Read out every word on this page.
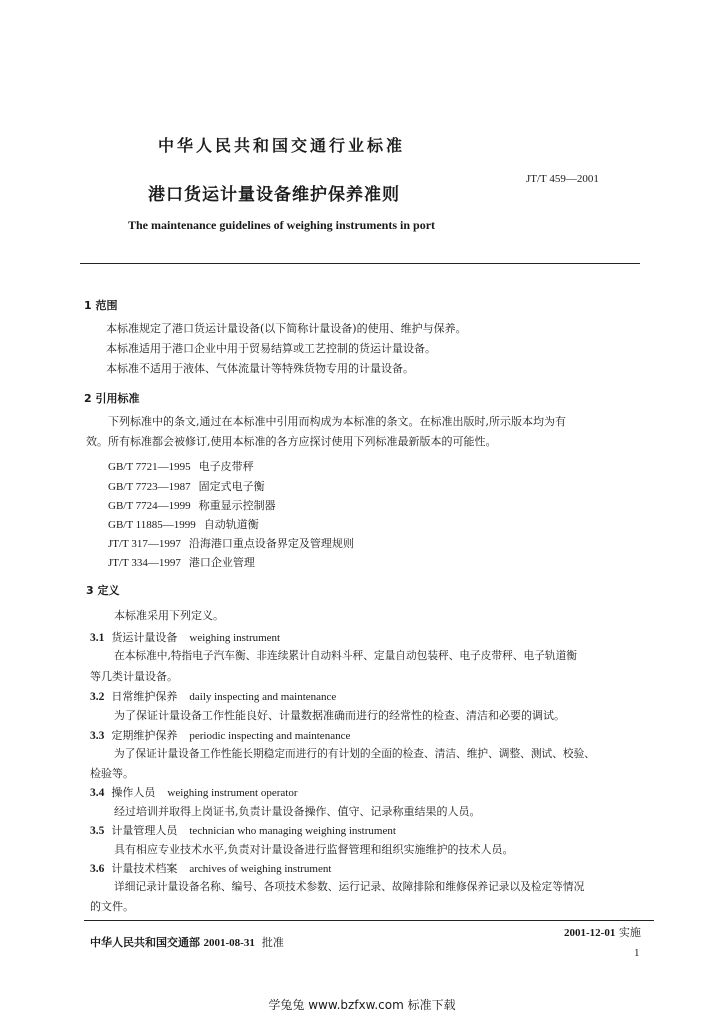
中华人民共和国交通行业标准
JT/T 459—2001
港口货运计量设备维护保养准则
The maintenance guidelines of weighing instruments in port
1 范围
本标准规定了港口货运计量设备(以下简称计量设备)的使用、维护与保养。
本标准适用于港口企业中用于贸易结算或工艺控制的货运计量设备。
本标准不适用于液体、气体流量计等特殊货物专用的计量设备。
2 引用标准
下列标准中的条文,通过在本标准中引用而构成为本标准的条文。在标准出版时,所示版本均为有
效。所有标准都会被修订,使用本标准的各方应探讨使用下列标准最新版本的可能性。
GB/T 7721—1995 电子皮带秤
GB/T 7723—1987 固定式电子衡
GB/T 7724—1999 称重显示控制器
GB/T 11885—1999 自动轨道衡
JT/T 317—1997 沿海港口重点设备界定及管理规则
JT/T 334—1997 港口企业管理
3 定义
本标准采用下列定义。
3.1 货运计量设备 weighing instrument
在本标准中,特指电子汽车衡、非连续累计自动料斗秤、定量自动包装秤、电子皮带秤、电子轨道衡
等几类计量设备。
3.2 日常维护保养 daily inspecting and maintenance
为了保证计量设备工作性能良好、计量数据准确而进行的经常性的检查、清洁和必要的调试。
3.3 定期维护保养 periodic inspecting and maintenance
为了保证计量设备工作性能长期稳定而进行的有计划的全面的检查、清洁、维护、调整、测试、校验、
检验等。
3.4 操作人员 weighing instrument operator
经过培训并取得上岗证书,负责计量设备操作、值守、记录称重结果的人员。
3.5 计量管理人员 technician who managing weighing instrument
具有相应专业技术水平,负责对计量设备进行监督管理和组织实施维护的技术人员。
3.6 计量技术档案 archives of weighing instrument
详细记录计量设备名称、编号、各项技术参数、运行记录、故障排除和维修保养记录以及检定等情况
的文件。
中华人民共和国交通部 2001-08-31 批准
2001-12-01 实施
1
学兔兔 www.bzfxw.com 标准下载
